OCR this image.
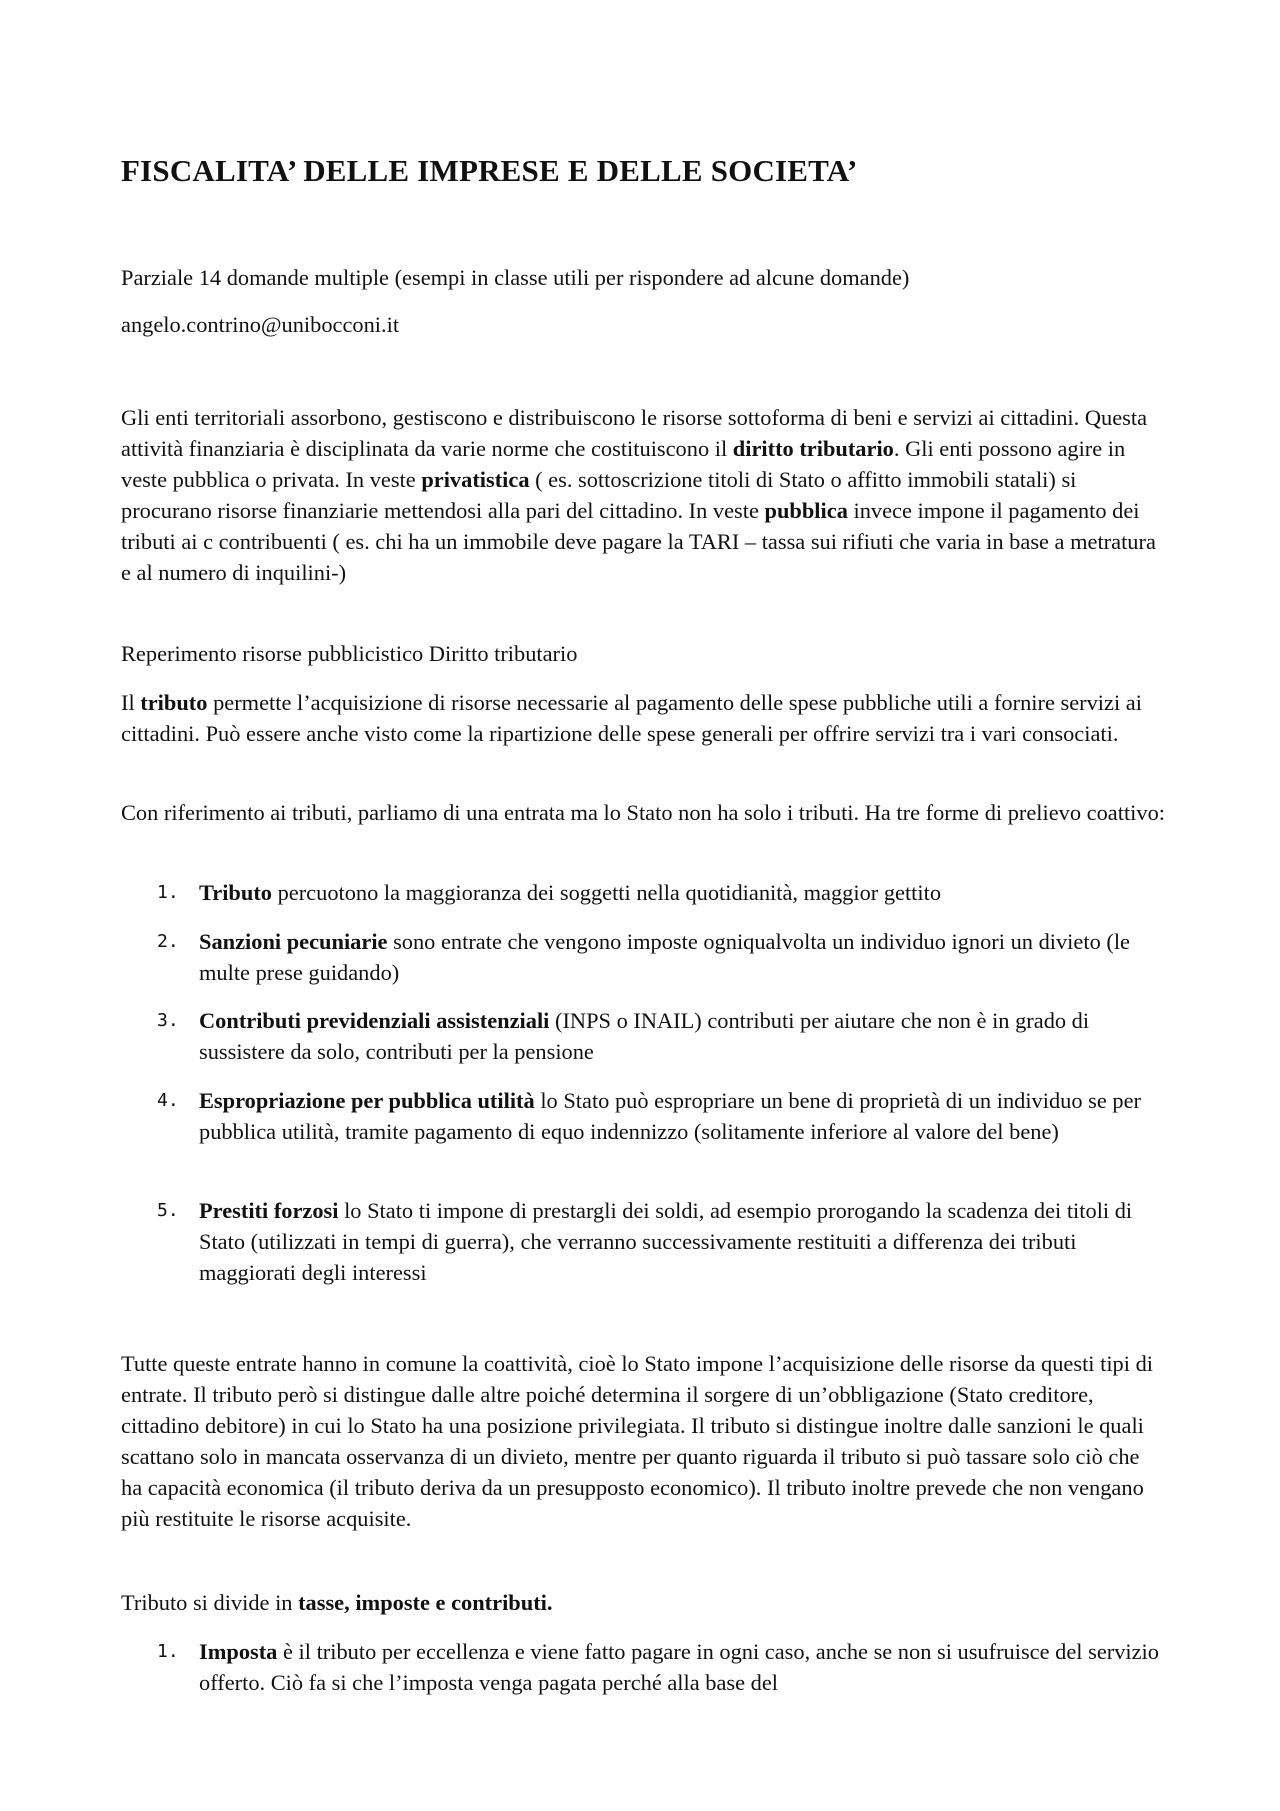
FISCALITA’ DELLE IMPRESE E DELLE SOCIETA’

Parziale 14 domande multiple (esempi in classe utili per rispondere ad alcune domande)

angelo.contrino@unibocconi.it

Gli enti territoriali assorbono, gestiscono e distribuiscono le risorse sottoforma di beni e servizi ai cittadini. Questa attività finanziaria è disciplinata da varie norme che costituiscono il diritto tributario. Gli enti possono agire in veste pubblica o privata. In veste privatistica ( es. sottoscrizione titoli di Stato o affitto immobili statali) si procurano risorse finanziarie mettendosi alla pari del cittadino. In veste pubblica invece impone il pagamento dei tributi ai c contribuenti ( es. chi ha un immobile deve pagare la TARI – tassa sui rifiuti che varia in base a metratura e al numero di inquilini-)

Reperimento risorse pubblicistico Diritto tributario

Il tributo permette l’acquisizione di risorse necessarie al pagamento delle spese pubbliche utili a fornire servizi ai cittadini. Può essere anche visto come la ripartizione delle spese generali per offrire servizi tra i vari consociati.

Con riferimento ai tributi, parliamo di una entrata ma lo Stato non ha solo i tributi. Ha tre forme di prelievo coattivo:

1. Tributo percuotono la maggioranza dei soggetti nella quotidianità, maggior gettito
2. Sanzioni pecuniarie sono entrate che vengono imposte ogniqualvolta un individuo ignori un divieto (le multe prese guidando)
3. Contributi previdenziali assistenziali (INPS o INAIL) contributi per aiutare che non è in grado di sussistere da solo, contributi per la pensione
4. Espropriazione per pubblica utilità lo Stato può espropriare un bene di proprietà di un individuo se per pubblica utilità, tramite pagamento di equo indennizzo (solitamente inferiore al valore del bene)
5. Prestiti forzosi lo Stato ti impone di prestargli dei soldi, ad esempio prorogando la scadenza dei titoli di Stato (utilizzati in tempi di guerra), che verranno successivamente restituiti a differenza dei tributi maggiorati degli interessi

Tutte queste entrate hanno in comune la coattività, cioè lo Stato impone l’acquisizione delle risorse da questi tipi di entrate. Il tributo però si distingue dalle altre poiché determina il sorgere di un’obbligazione (Stato creditore, cittadino debitore) in cui lo Stato ha una posizione privilegiata. Il tributo si distingue inoltre dalle sanzioni le quali scattano solo in mancata osservanza di un divieto, mentre per quanto riguarda il tributo si può tassare solo ciò che ha capacità economica (il tributo deriva da un presupposto economico). Il tributo inoltre prevede che non vengano più restituite le risorse acquisite.

Tributo si divide in tasse, imposte e contributi.

1. Imposta è il tributo per eccellenza e viene fatto pagare in ogni caso, anche se non si usufruisce del servizio offerto. Ciò fa si che l’imposta venga pagata perché alla base del
